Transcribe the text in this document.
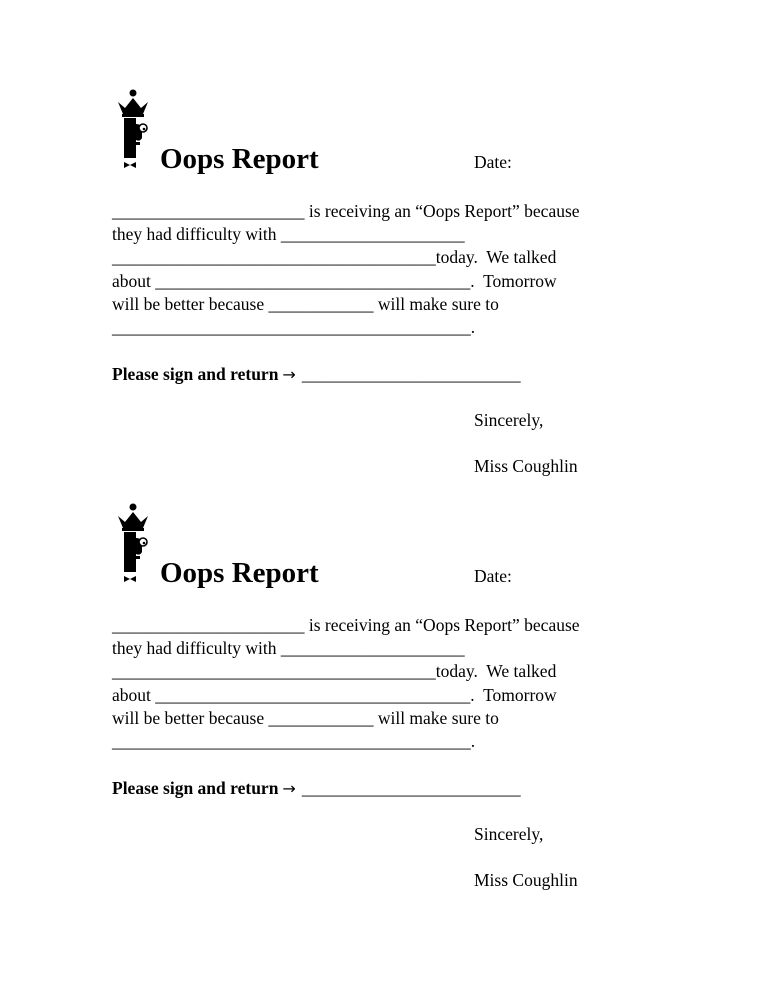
Oops Report	Date:
______________________ is receiving an “Oops Report” because
they had difficulty with _____________________
_____________________________________today.  We talked
about ____________________________________.  Tomorrow
will be better because ____________ will make sure to
_________________________________________.
Please sign and return → _________________________
Sincerely,
Miss Coughlin
Oops Report	Date:
______________________ is receiving an “Oops Report” because
they had difficulty with _____________________
_____________________________________today.  We talked
about ____________________________________.  Tomorrow
will be better because ____________ will make sure to
_________________________________________.
Please sign and return → _________________________
Sincerely,
Miss Coughlin
